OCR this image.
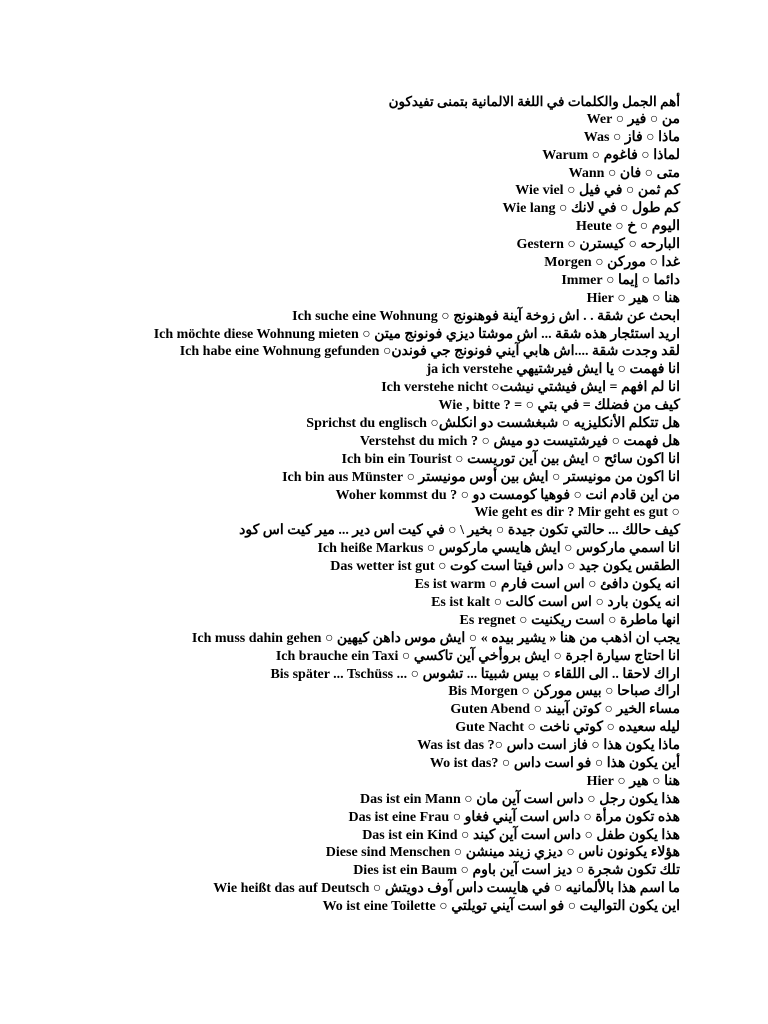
أهم الجمل والكلمات في اللغة الالمانية بتمنى تفيدكون
من ○ فير ○ Wer
ماذا ○ فاز ○ Was
لماذا ○ فاغوم ○ Warum
متى ○ فان ○ Wann
كم ثمن ○ في فيل ○ Wie viel
كم طول ○ في لانك ○ Wie lang
اليوم ○ خ ○ Heute
البارحه ○ كيسترن ○ Gestern
غدا ○ موركن ○ Morgen
دائما ○ إيما ○ Immer
هنا ○ هير ○ Hier
ابحث عن شقة . . اش زوخة آينة فوهنونج ○ Ich suche eine Wohnung
اريد استئجار هذه شقة ... اش موشتا ديزي فونونج ميتن ○ Ich möchte diese Wohnung mieten
لقد وجدت شقة ....اش هابي آيني فونونج جي فوندن○ Ich habe eine Wohnung gefunden
انا فهمت ○ يا ايش فيرشتيهي ja ich verstehe
انا لم افهم = ايش فيشتي نيشت○ Ich verstehe nicht
كيف من فضلك = في بتي ○ = ? Wie , bitte
هل تتكلم الأنكليزيه ○ شبغشست دو انكلش○ Sprichst du englisch
هل فهمت ○ فيرشتيست دو ميش ○ ? Verstehst du mich
انا اكون سائح ○ ايش بين آين توريست ○ Ich bin ein Tourist
انا اكون من مونيستر ○ ايش بين أوس مونيستر ○ Ich bin aus Münster
من اين قادم انت ○ فوهيا كومست دو ○ ? Woher kommst du
Wie geht es dir ? Mir geht es gut ○
كيف حالك ... حالتي تكون جيدة ○ بخير \ ○ في كيت اس دير ... مير كيت اس كود
انا اسمي ماركوس ○ ايش هايسي ماركوس ○ Ich heiße Markus
الطقس يكون جيد ○ داس فيتا است كوت ○ Das wetter ist gut
انه يكون دافئ ○ اس است فارم ○ Es ist warm
انه يكون بارد ○ اس است كالت ○ Es ist kalt
انها ماطرة ○ است ريكنيت ○ Es regnet
يجب ان اذهب من هنا « يشير بيده » ○ ايش موس داهن كيهين ○ Ich muss dahin gehen
انا احتاج سيارة اجرة ○ ايش بروأخي آين تاكسي ○ Ich brauche ein Taxi
اراك لاحقا .. الى اللقاء ○ بيس شبيتا ... تشوس ○ ... Bis später ... Tschüss
اراك صباحا ○ بيس موركن ○ Bis Morgen
مساء الخير ○ كوتن آبيند ○ Guten Abend
ليله سعيده ○ كوتي ناخت ○ Gute Nacht
ماذا يكون هذا ○ فاز است داس ○? Was ist das
أين يكون هذا ○ فو است داس ○ ?Wo ist das
هنا ○ هير ○ Hier
هذا يكون رجل ○ داس است آين مان ○ Das ist ein Mann
هذه تكون مرأة ○ داس است آيني فغاو ○ Das ist eine Frau
هذا يكون طفل ○ داس است آين كيند ○ Das ist ein Kind
هؤلاء يكونون ناس ○ ديزي زيند مينشن ○ Diese sind Menschen
تلك تكون شجرة ○ ديز است آين باوم ○ Dies ist ein Baum
ما اسم هذا بالألمانيه ○ في هايست داس آوف دويتش ○ Wie heißt das auf Deutsch
اين يكون التواليت ○ فو است آيني تويلتي ○ Wo ist eine Toilette
